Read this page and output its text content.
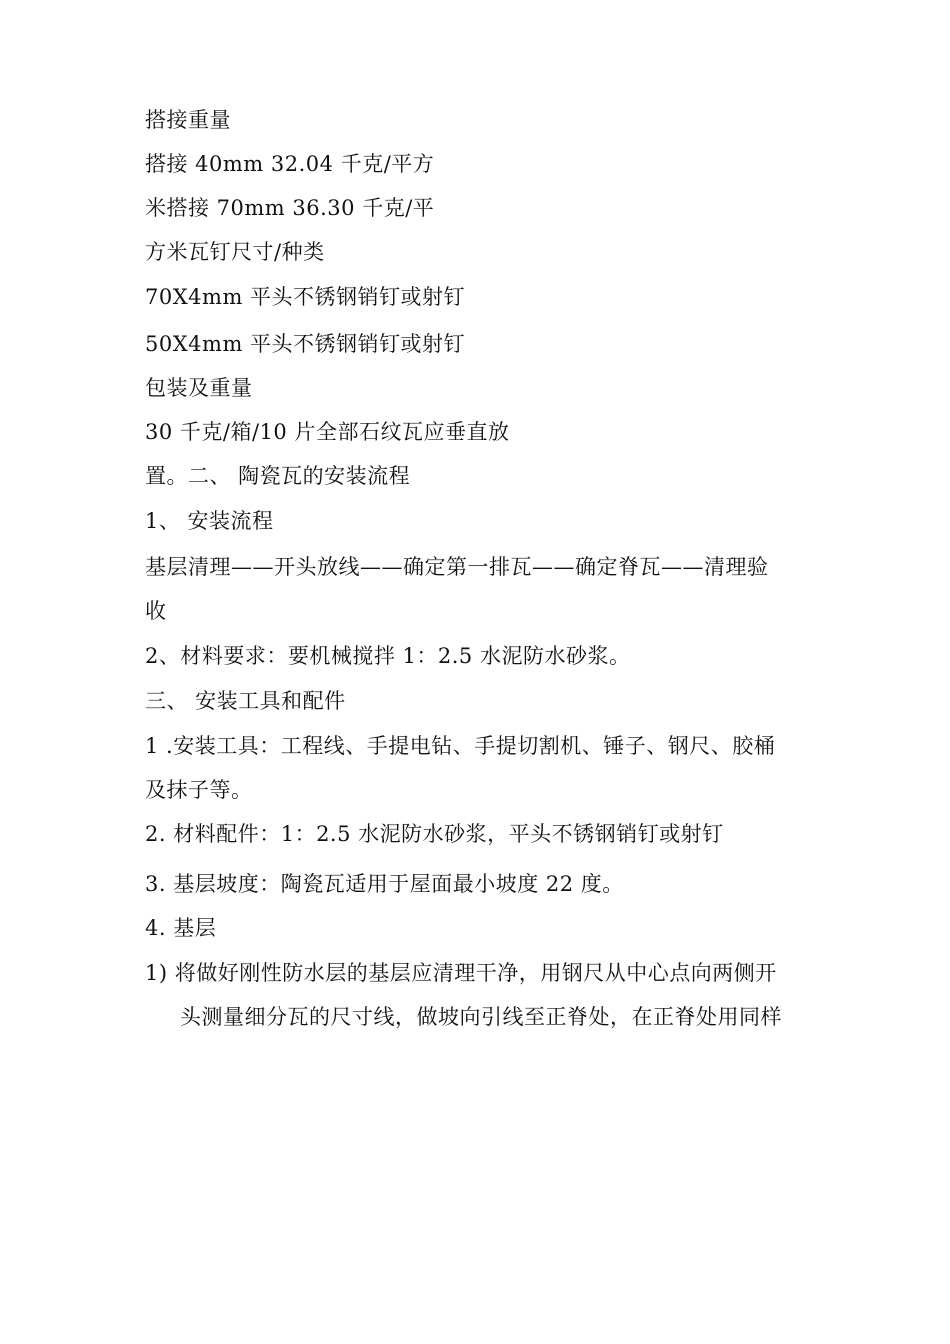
搭接重量
搭接 40mm 32.04 千克/平方
米搭接 70mm 36.30 千克/平
方米瓦钉尺寸/种类
70X4mm 平头不锈钢销钉或射钉
50X4mm 平头不锈钢销钉或射钉
包装及重量
30 千克/箱/10 片全部石纹瓦应垂直放
置。二、 陶瓷瓦的安装流程
1、 安装流程
基层清理——开头放线——确定第一排瓦——确定脊瓦——清理验
收
2、材料要求：要机械搅拌 1：2.5 水泥防水砂浆。
三、 安装工具和配件
1 .安装工具：工程线、手提电钻、手提切割机、锤子、钢尺、胶桶
及抹子等。
2. 材料配件：1：2.5 水泥防水砂浆，平头不锈钢销钉或射钉
3. 基层坡度：陶瓷瓦适用于屋面最小坡度 22 度。
4. 基层
1) 将做好刚性防水层的基层应清理干净，用钢尺从中心点向两侧开
头测量细分瓦的尺寸线，做坡向引线至正脊处，在正脊处用同样
